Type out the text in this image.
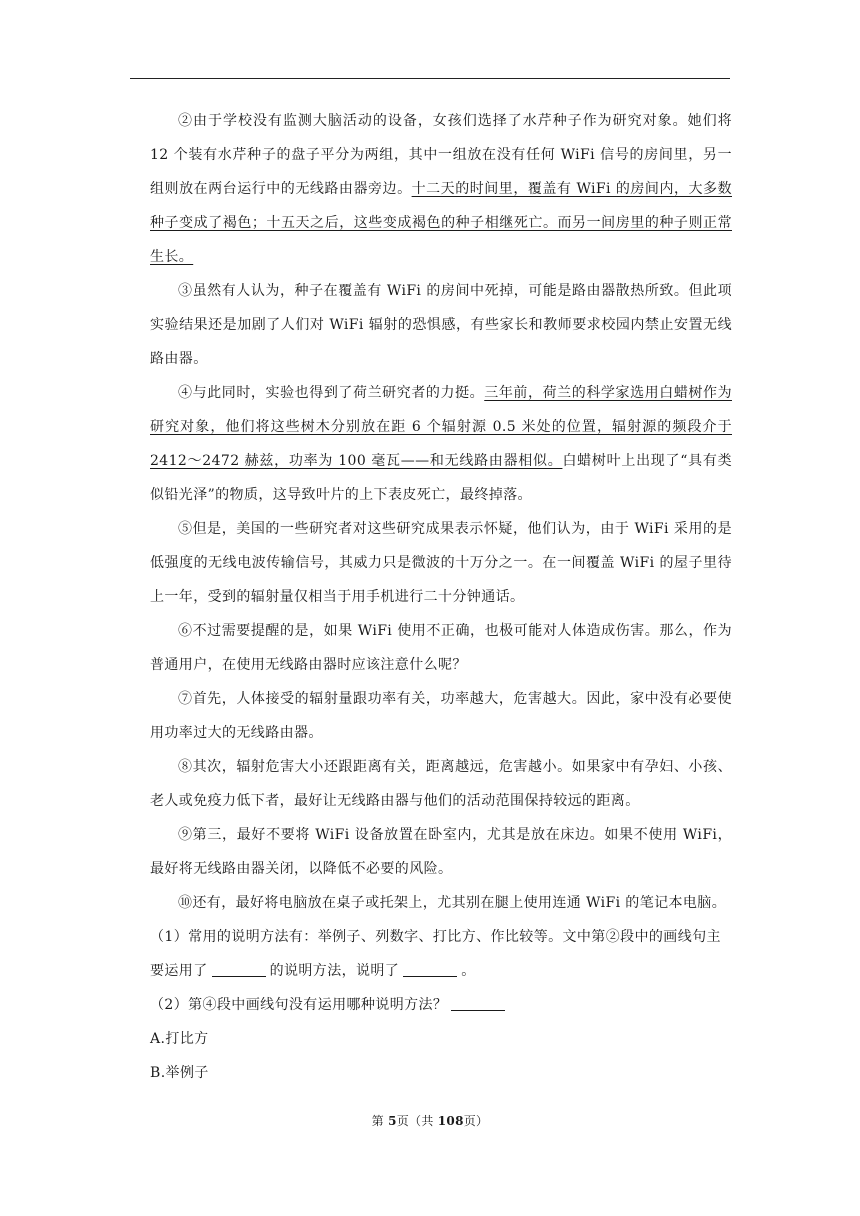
②由于学校没有监测大脑活动的设备，女孩们选择了水芹种子作为研究对象。她们将 12 个装有水芹种子的盘子平分为两组，其中一组放在没有任何 WiFi 信号的房间里，另一组则放在两台运行中的无线路由器旁边。十二天的时间里，覆盖有 WiFi 的房间内，大多数种子变成了褐色；十五天之后，这些变成褐色的种子相继死亡。而另一间房里的种子则正常生长。

③虽然有人认为，种子在覆盖有 WiFi 的房间中死掉，可能是路由器散热所致。但此项实验结果还是加剧了人们对 WiFi 辐射的恐惧感，有些家长和教师要求校园内禁止安置无线路由器。

④与此同时，实验也得到了荷兰研究者的力挺。三年前，荷兰的科学家选用白蜡树作为研究对象，他们将这些树木分别放在距 6 个辐射源 0.5 米处的位置，辐射源的频段介于 2412～2472 赫兹，功率为 100 毫瓦——和无线路由器相似。白蜡树叶上出现了“具有类似铅光泽”的物质，这导致叶片的上下表皮死亡，最终掉落。

⑤但是，美国的一些研究者对这些研究成果表示怀疑，他们认为，由于 WiFi 采用的是低强度的无线电波传输信号，其威力只是微波的十万分之一。在一间覆盖 WiFi 的屋子里待上一年，受到的辐射量仅相当于用手机进行二十分钟通话。

⑥不过需要提醒的是，如果 WiFi 使用不正确，也极可能对人体造成伤害。那么，作为普通用户，在使用无线路由器时应该注意什么呢？

⑦首先，人体接受的辐射量跟功率有关，功率越大，危害越大。因此，家中没有必要使用功率过大的无线路由器。

⑧其次，辐射危害大小还跟距离有关，距离越远，危害越小。如果家中有孕妇、小孩、老人或免疫力低下者，最好让无线路由器与他们的活动范围保持较远的距离。

⑨第三，最好不要将 WiFi 设备放置在卧室内，尤其是放在床边。如果不使用 WiFi，最好将无线路由器关闭，以降低不必要的风险。

⑩还有，最好将电脑放在桌子或托架上，尤其别在腿上使用连通 WiFi 的笔记本电脑。

（1）常用的说明方法有：举例子、列数字、打比方、作比较等。文中第②段中的画线句主要运用了	的说明方法，说明了	。

（2）第④段中画线句没有运用哪种说明方法？

A.打比方

B.举例子

第 5页（共 108页）
